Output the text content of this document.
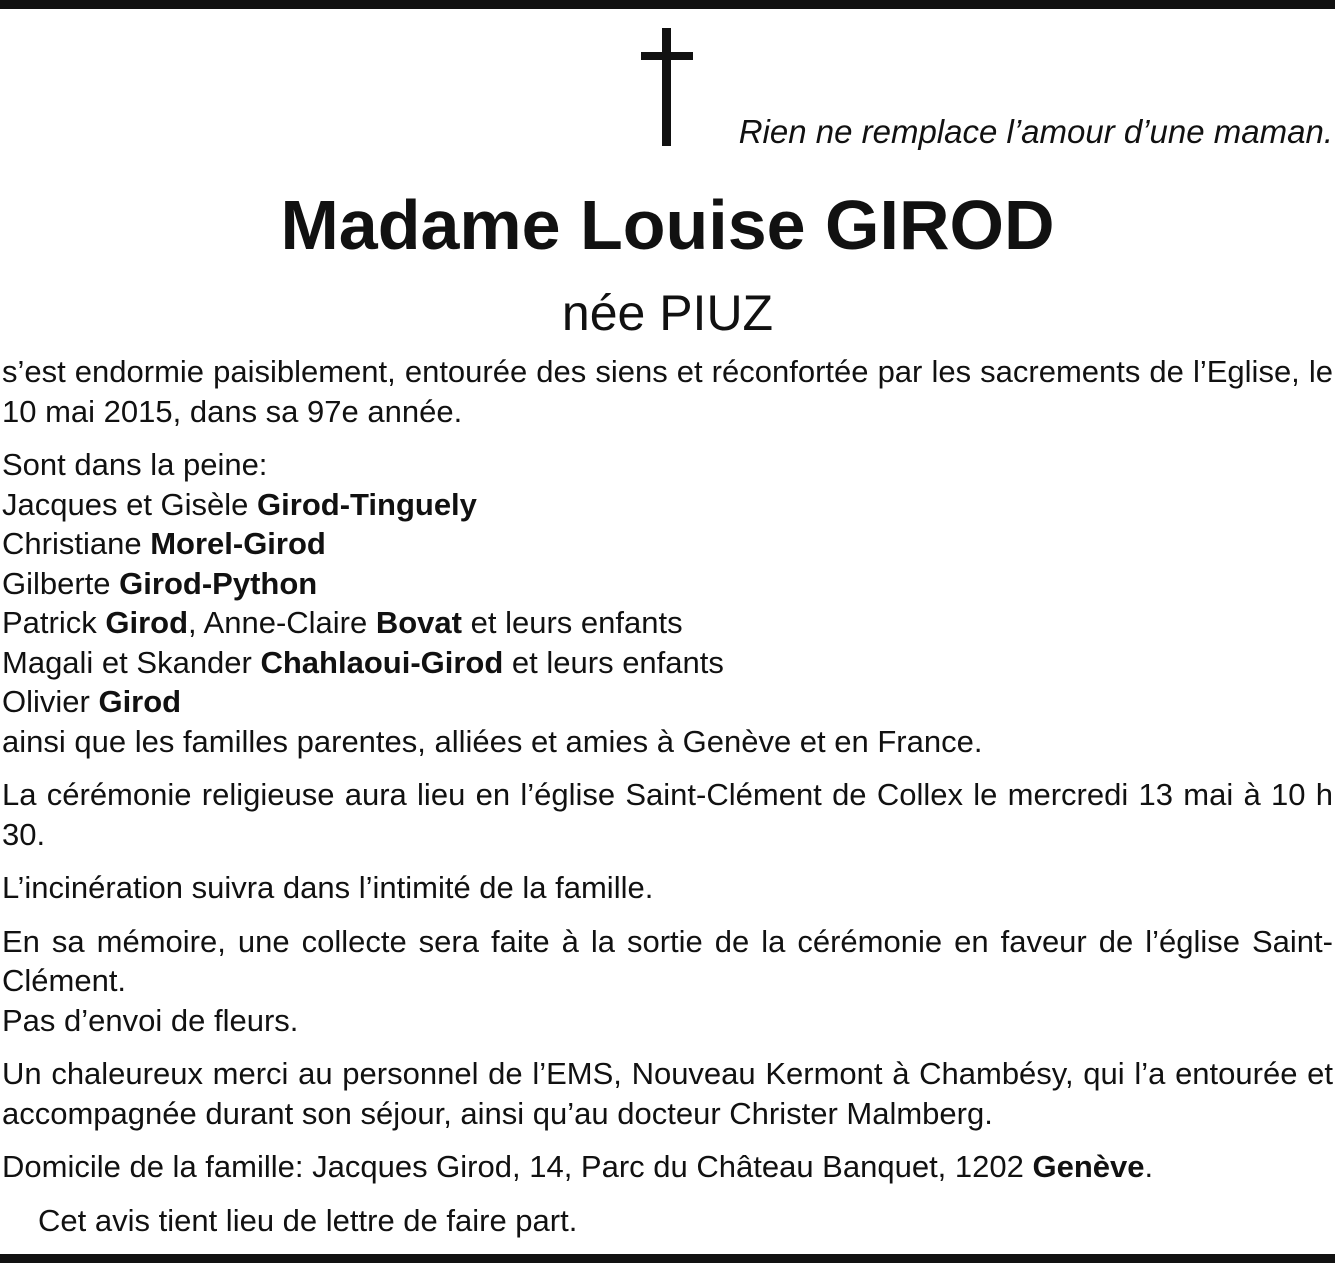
Rien ne remplace l’amour d’une maman.
Madame Louise GIROD
née PIUZ

s’est endormie paisiblement, entourée des siens et réconfortée par les sacrements de l’Eglise, le 10 mai 2015, dans sa 97e année.

Sont dans la peine:
Jacques et Gisèle Girod-Tinguely
Christiane Morel-Girod
Gilberte Girod-Python
Patrick Girod, Anne-Claire Bovat et leurs enfants
Magali et Skander Chahlaoui-Girod et leurs enfants
Olivier Girod
ainsi que les familles parentes, alliées et amies à Genève et en France.

La cérémonie religieuse aura lieu en l’église Saint-Clément de Collex le mercredi 13 mai à 10 h 30.

L’incinération suivra dans l’intimité de la famille.

En sa mémoire, une collecte sera faite à la sortie de la cérémonie en faveur de l’église Saint-Clément.
Pas d’envoi de fleurs.

Un chaleureux merci au personnel de l’EMS, Nouveau Kermont à Chambésy, qui l’a entourée et accompagnée durant son séjour, ainsi qu’au docteur Christer Malmberg.

Domicile de la famille: Jacques Girod, 14, Parc du Château Banquet, 1202 Genève.

Cet avis tient lieu de lettre de faire part.
